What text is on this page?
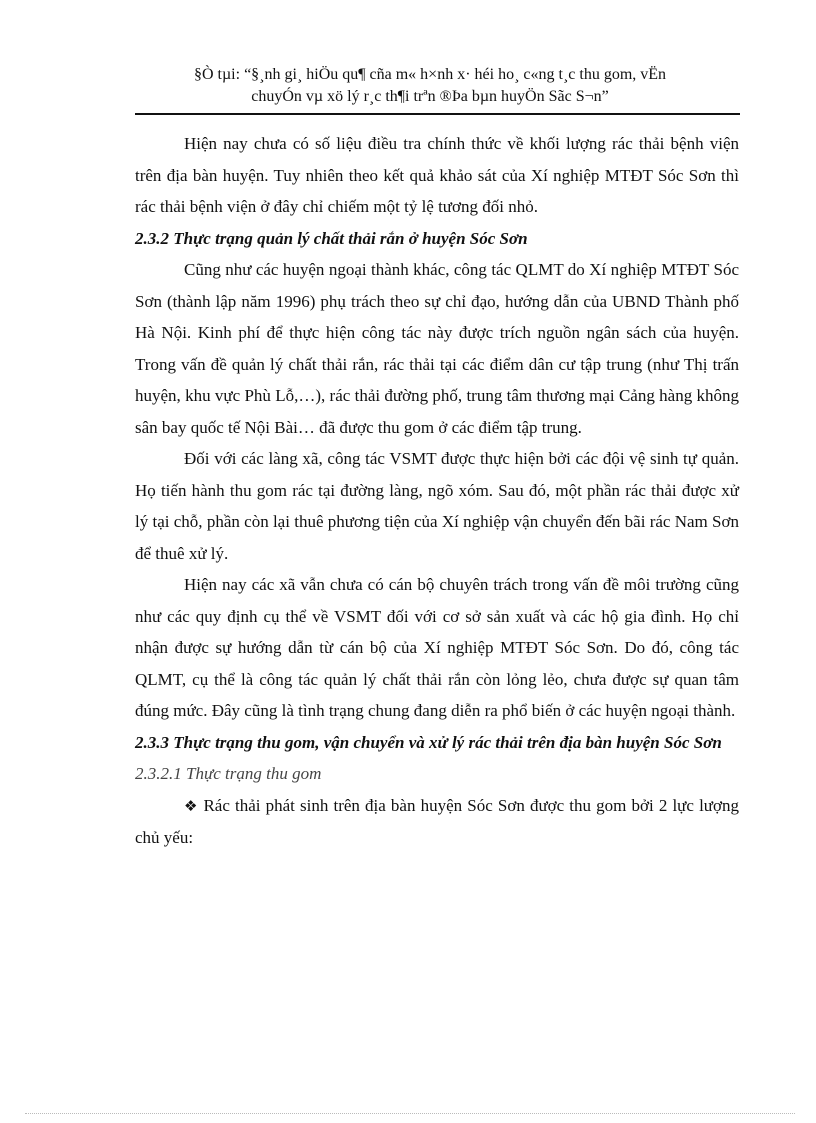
§Ò tµi: “§¸nh gi¸ hiÖu qu¶ cña m« h×nh x· héi ho¸ c«ng t¸c thu gom, vËn
chuyÓn vµ xö lý r¸c th¶i trªn ®Þa bµn huyÖn Sãc S¬n”

Hiện nay chưa có số liệu điều tra chính thức về khối lượng rác thải bệnh viện trên địa bàn huyện. Tuy nhiên theo kết quả khảo sát của Xí nghiệp MTĐT Sóc Sơn thì rác thải bệnh viện ở đây chỉ chiếm một tỷ lệ tương đối nhỏ.

2.3.2 Thực trạng quản lý chất thải rắn ở huyện Sóc Sơn

Cũng như các huyện ngoại thành khác, công tác QLMT do Xí nghiệp MTĐT Sóc Sơn (thành lập năm 1996) phụ trách theo sự chỉ đạo, hướng dẫn của UBND Thành phố Hà Nội. Kinh phí để thực hiện công tác này được trích nguồn ngân sách của huyện. Trong vấn đề quản lý chất thải rắn, rác thải tại các điểm dân cư tập trung (như Thị trấn huyện, khu vực Phù Lỗ,…), rác thải đường phố, trung tâm thương mại Cảng hàng không sân bay quốc tế Nội Bài… đã được thu gom ở các điểm tập trung.

Đối với các làng xã, công tác VSMT được thực hiện bởi các đội vệ sinh tự quản. Họ tiến hành thu gom rác tại đường làng, ngõ xóm. Sau đó, một phần rác thải được xử lý tại chỗ, phần còn lại thuê phương tiện của Xí nghiệp vận chuyển đến bãi rác Nam Sơn để thuê xử lý.

Hiện nay các xã vẫn chưa có cán bộ chuyên trách trong vấn đề môi trường cũng như các quy định cụ thể về VSMT đối với cơ sở sản xuất và các hộ gia đình. Họ chỉ nhận được sự hướng dẫn từ cán bộ của Xí nghiệp MTĐT Sóc Sơn. Do đó, công tác QLMT, cụ thể là công tác quản lý chất thải rắn còn lỏng lẻo, chưa được sự quan tâm đúng mức. Đây cũng là tình trạng chung đang diễn ra phổ biến ở các huyện ngoại thành.

2.3.3 Thực trạng thu gom, vận chuyển và xử lý rác thải trên địa bàn huyện Sóc Sơn
2.3.2.1 Thực trạng thu gom

❖ Rác thải phát sinh trên địa bàn huyện Sóc Sơn được thu gom bởi 2 lực lượng chủ yếu:
